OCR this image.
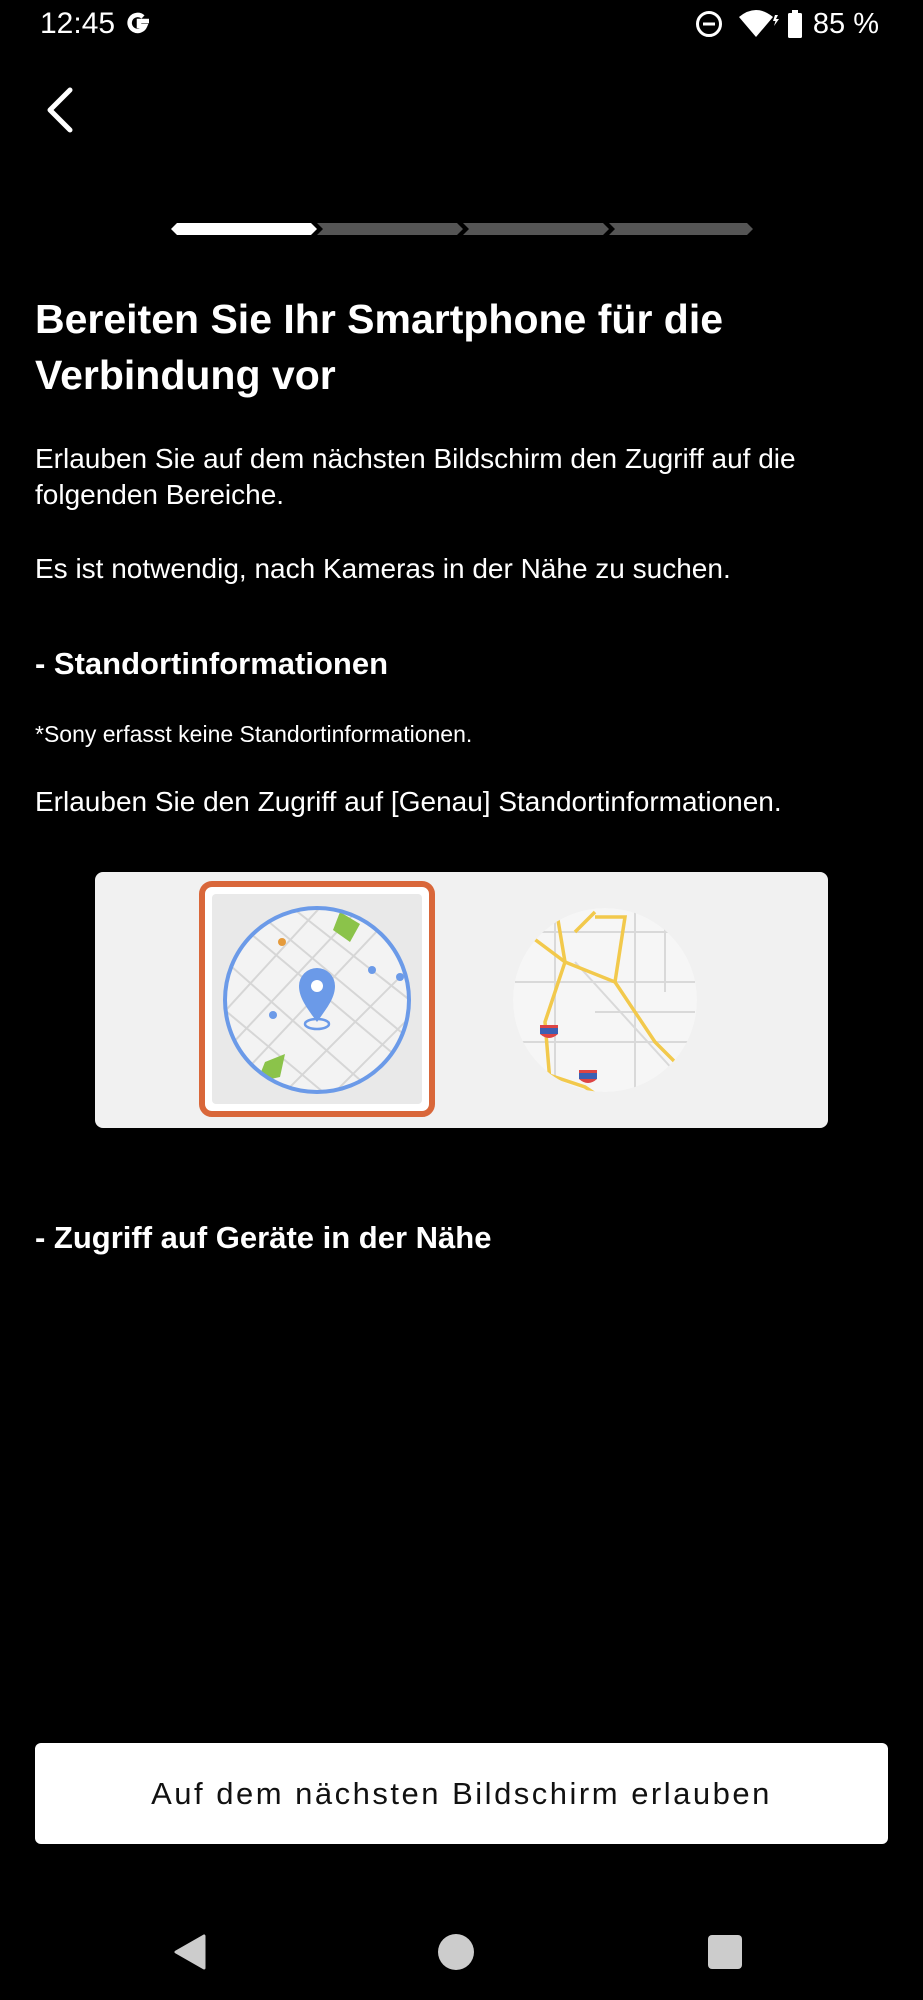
12:45	85 %
Bereiten Sie Ihr Smartphone für die Verbindung vor

Erlauben Sie auf dem nächsten Bildschirm den Zugriff auf die folgenden Bereiche.

Es ist notwendig, nach Kameras in der Nähe zu suchen.

- Standortinformationen

*Sony erfasst keine Standortinformationen.

Erlauben Sie den Zugriff auf [Genau] Standortinformationen.

- Zugriff auf Geräte in der Nähe
Auf dem nächsten Bildschirm erlauben
